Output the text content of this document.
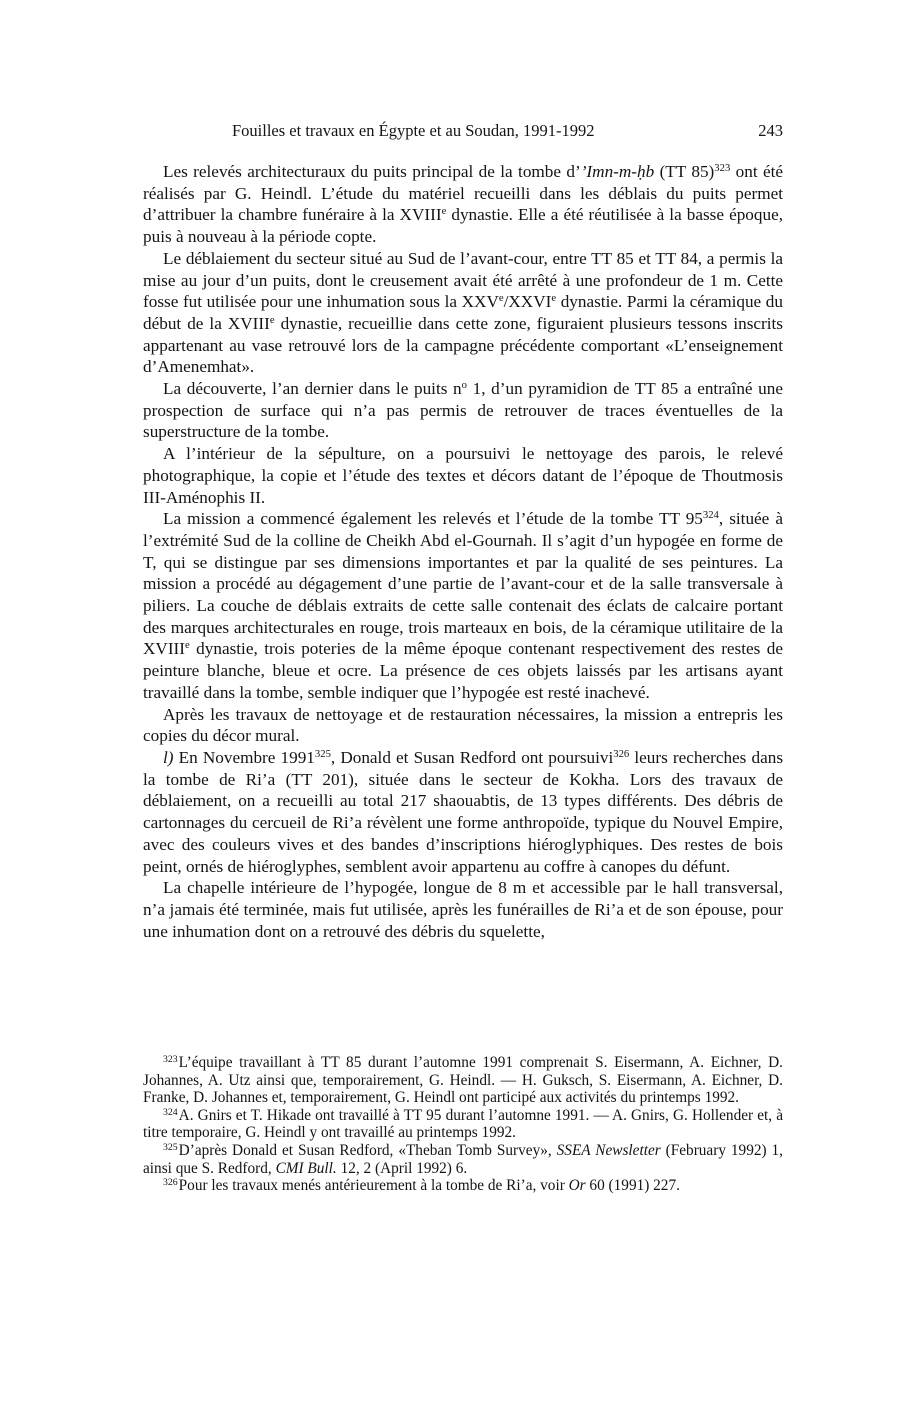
Fouilles et travaux en Égypte et au Soudan, 1991-1992	243

Les relevés architecturaux du puits principal de la tombe d’’Imn-m-ḥb (TT 85)$^{323}$ ont été réalisés par G. Heindl. L’étude du matériel recueilli dans les déblais du puits permet d’attribuer la chambre funéraire à la XVIIIe dynastie. Elle a été réutilisée à la basse époque, puis à nouveau à la période copte.

Le déblaiement du secteur situé au Sud de l’avant-cour, entre TT 85 et TT 84, a permis la mise au jour d’un puits, dont le creusement avait été arrêté à une profondeur de 1 m. Cette fosse fut utilisée pour une inhumation sous la XXVe/XXVIe dynastie. Parmi la céramique du début de la XVIIIe dynastie, recueillie dans cette zone, figuraient plusieurs tessons inscrits appartenant au vase retrouvé lors de la campagne précédente comportant «L’enseignement d’Amenemhat».

La découverte, l’an dernier dans le puits $n^o$ 1, d’un pyramidion de TT 85 a entraîné une prospection de surface qui n’a pas permis de retrouver de traces éventuelles de la superstructure de la tombe.

A l’intérieur de la sépulture, on a poursuivi le nettoyage des parois, le relevé photographique, la copie et l’étude des textes et décors datant de l’époque de Thoutmosis III-Aménophis II.

La mission a commencé également les relevés et l’étude de la tombe TT $95^{324}$, située à l’extrémité Sud de la colline de Cheikh Abd el-Gournah. Il s’agit d’un hypogée en forme de T, qui se distingue par ses dimensions importantes et par la qualité de ses peintures. La mission a procédé au dégagement d’une partie de l’avant-cour et de la salle transversale à piliers. La couche de déblais extraits de cette salle contenait des éclats de calcaire portant des marques architecturales en rouge, trois marteaux en bois, de la céramique utilitaire de la XVIIIe dynastie, trois poteries de la même époque contenant respectivement des restes de peinture blanche, bleue et ocre. La présence de ces objets laissés par les artisans ayant travaillé dans la tombe, semble indiquer que l’hypogée est resté inachevé.

Après les travaux de nettoyage et de restauration nécessaires, la mission a entrepris les copies du décor mural.

l) En Novembre 1991$^{325}$, Donald et Susan Redford ont poursuivi$^{326}$ leurs recherches dans la tombe de Ri’a (TT 201), située dans le secteur de Kokha. Lors des travaux de déblaiement, on a recueilli au total 217 shaouabtis, de 13 types différents. Des débris de cartonnages du cercueil de Ri’a révèlent une forme anthropoïde, typique du Nouvel Empire, avec des couleurs vives et des bandes d’inscriptions hiéroglyphiques. Des restes de bois peint, ornés de hiéroglyphes, semblent avoir appartenu au coffre à canopes du défunt.

La chapelle intérieure de l’hypogée, longue de 8 m et accessible par le hall transversal, n’a jamais été terminée, mais fut utilisée, après les funérailles de Ri’a et de son épouse, pour une inhumation dont on a retrouvé des débris du squelette,

$^{323}$L’équipe travaillant à TT 85 durant l’automne 1991 comprenait S. Eisermann, A. Eichner, D. Johannes, A. Utz ainsi que, temporairement, G. Heindl. — H. Guksch, S. Eisermann, A. Eichner, D. Franke, D. Johannes et, temporairement, G. Heindl ont participé aux activités du printemps 1992.

$^{324}$A. Gnirs et T. Hikade ont travaillé à TT 95 durant l’automne 1991. — A. Gnirs, G. Hollender et, à titre temporaire, G. Heindl y ont travaillé au printemps 1992.

$^{325}$D’après Donald et Susan Redford, «Theban Tomb Survey», SSEA Newsletter (February 1992) 1, ainsi que S. Redford, CMI Bull. 12, 2 (April 1992) 6.

$^{326}$Pour les travaux menés antérieurement à la tombe de Ri’a, voir Or 60 (1991) 227.
